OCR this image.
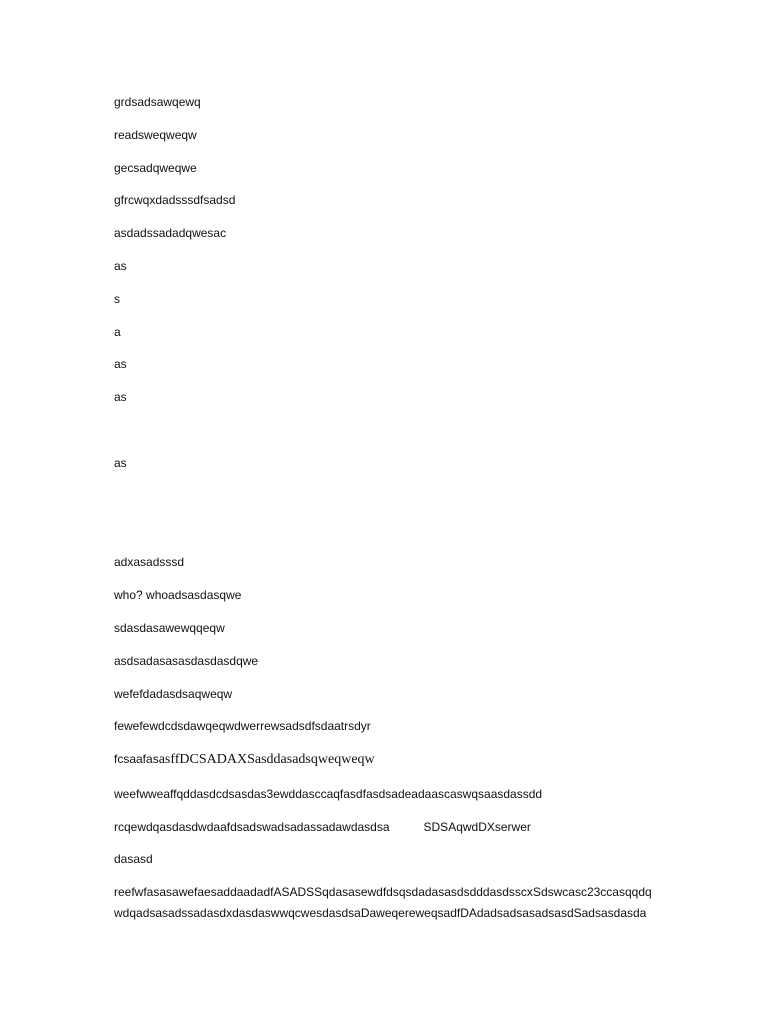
grdsadsawqewq
readsweqweqw
gecsadqweqwe
gfrcwqxdadsssdfsadsd
asdadssadadqwesac
as
s
a
as
as
as
adxasadsssd
who? whoadsasdasqwe
sdasdasawewqqeqw
asdsadasasasdasdasdqwe
wefefdadasdsaqweqw
fewefewdcdsdawqeqwdwerrewsadsdfsdaatrsdyr
fcsaafasasffDCSADAXSasddasadsqweqweqw
weefwweaffqddasdcdsasdas3ewddasccaqfasdfasdsadeadaascaswqsaasdassdd
rcqewdqasdasdwdaafdsadswadsadassadawdasdsa	SDSAqwdDXserwer
dasasd
reefwfasasawefaesaddaadadfASADSSqdasasewdfdsqsdadasasdsdddasdsscxSdswcasc23ccasqqdq
wdqadsasadssadasdxdasdaswwqcwesdasdsaDaweqereweqsadfDAdadsadsasadsasdSadsasdasda
